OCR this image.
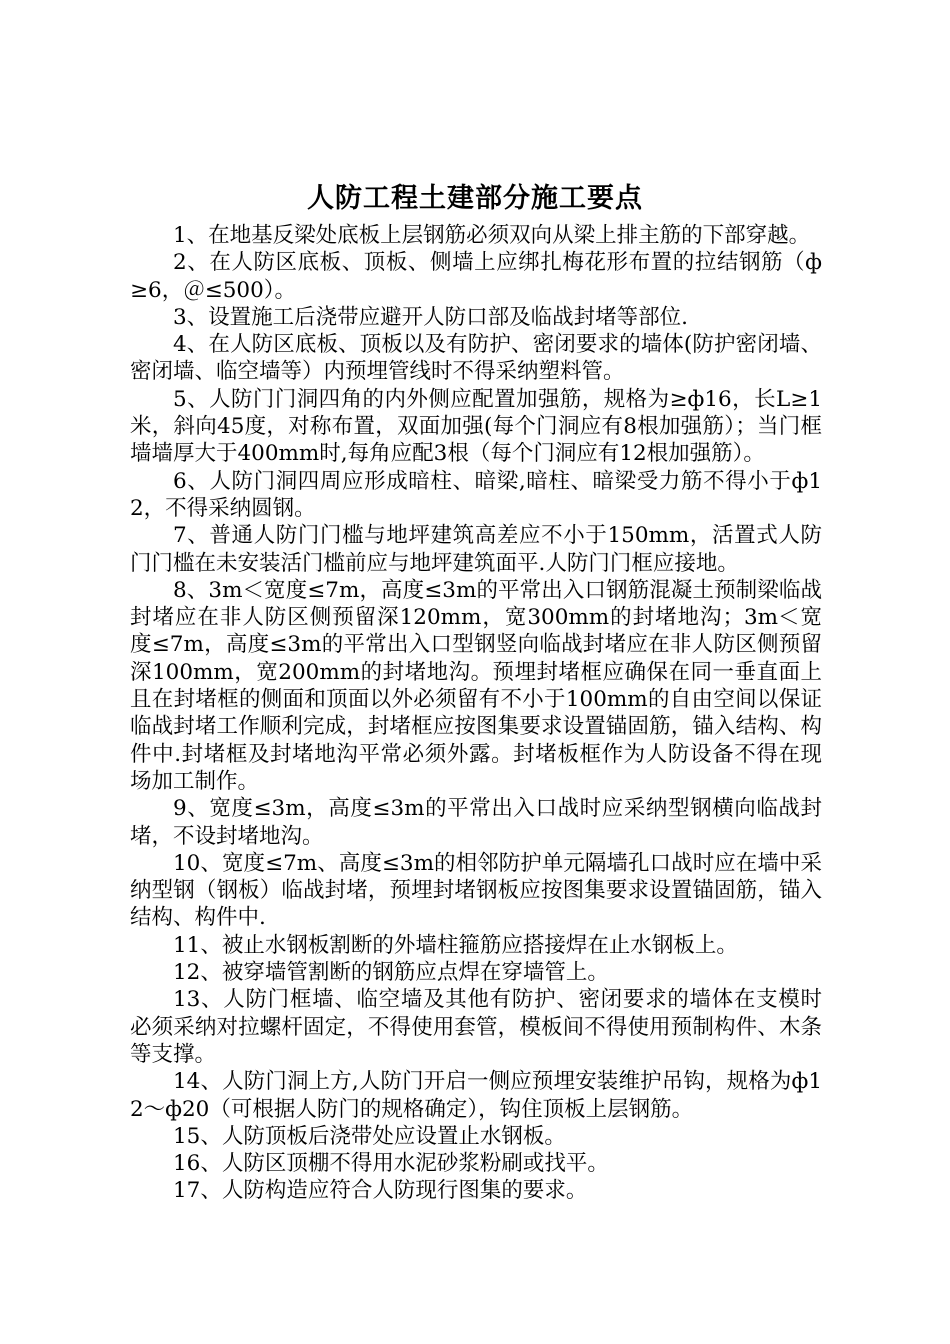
人防工程土建部分施工要点

1、在地基反梁处底板上层钢筋必须双向从梁上排主筋的下部穿越。

2、在人防区底板、顶板、侧墙上应绑扎梅花形布置的拉结钢筋（ф≥6，＠≤500）。

3、设置施工后浇带应避开人防口部及临战封堵等部位.

4、在人防区底板、顶板以及有防护、密闭要求的墙体(防护密闭墙、密闭墙、临空墙等）内预埋管线时不得采纳塑料管。

5、人防门门洞四角的内外侧应配置加强筋，规格为≥ф16，长L≥1米，斜向45度，对称布置，双面加强(每个门洞应有8根加强筋）；当门框墙墙厚大于400mm时,每角应配3根（每个门洞应有12根加强筋）。

6、人防门洞四周应形成暗柱、暗梁,暗柱、暗梁受力筋不得小于ф12，不得采纳圆钢。

7、普通人防门门槛与地坪建筑高差应不小于150mm，活置式人防门门槛在未安装活门槛前应与地坪建筑面平.人防门门框应接地。

8、3m＜宽度≤7m，高度≤3m的平常出入口钢筋混凝土预制梁临战封堵应在非人防区侧预留深120mm，宽300mm的封堵地沟；3m＜宽度≤7m，高度≤3m的平常出入口型钢竖向临战封堵应在非人防区侧预留深100mm，宽200mm的封堵地沟。预埋封堵框应确保在同一垂直面上且在封堵框的侧面和顶面以外必须留有不小于100mm的自由空间以保证临战封堵工作顺利完成，封堵框应按图集要求设置锚固筋，锚入结构、构件中.封堵框及封堵地沟平常必须外露。封堵板框作为人防设备不得在现场加工制作。

9、宽度≤3m，高度≤3m的平常出入口战时应采纳型钢横向临战封堵，不设封堵地沟。

10、宽度≤7m、高度≤3m的相邻防护单元隔墙孔口战时应在墙中采纳型钢（钢板）临战封堵，预埋封堵钢板应按图集要求设置锚固筋，锚入结构、构件中.

11、被止水钢板割断的外墙柱箍筋应搭接焊在止水钢板上。

12、被穿墙管割断的钢筋应点焊在穿墙管上。

13、人防门框墙、临空墙及其他有防护、密闭要求的墙体在支模时必须采纳对拉螺杆固定，不得使用套管，模板间不得使用预制构件、木条等支撑。

14、人防门洞上方,人防门开启一侧应预埋安装维护吊钩，规格为ф12～ф20（可根据人防门的规格确定），钩住顶板上层钢筋。

15、人防顶板后浇带处应设置止水钢板。

16、人防区顶棚不得用水泥砂浆粉刷或找平。

17、人防构造应符合人防现行图集的要求。
